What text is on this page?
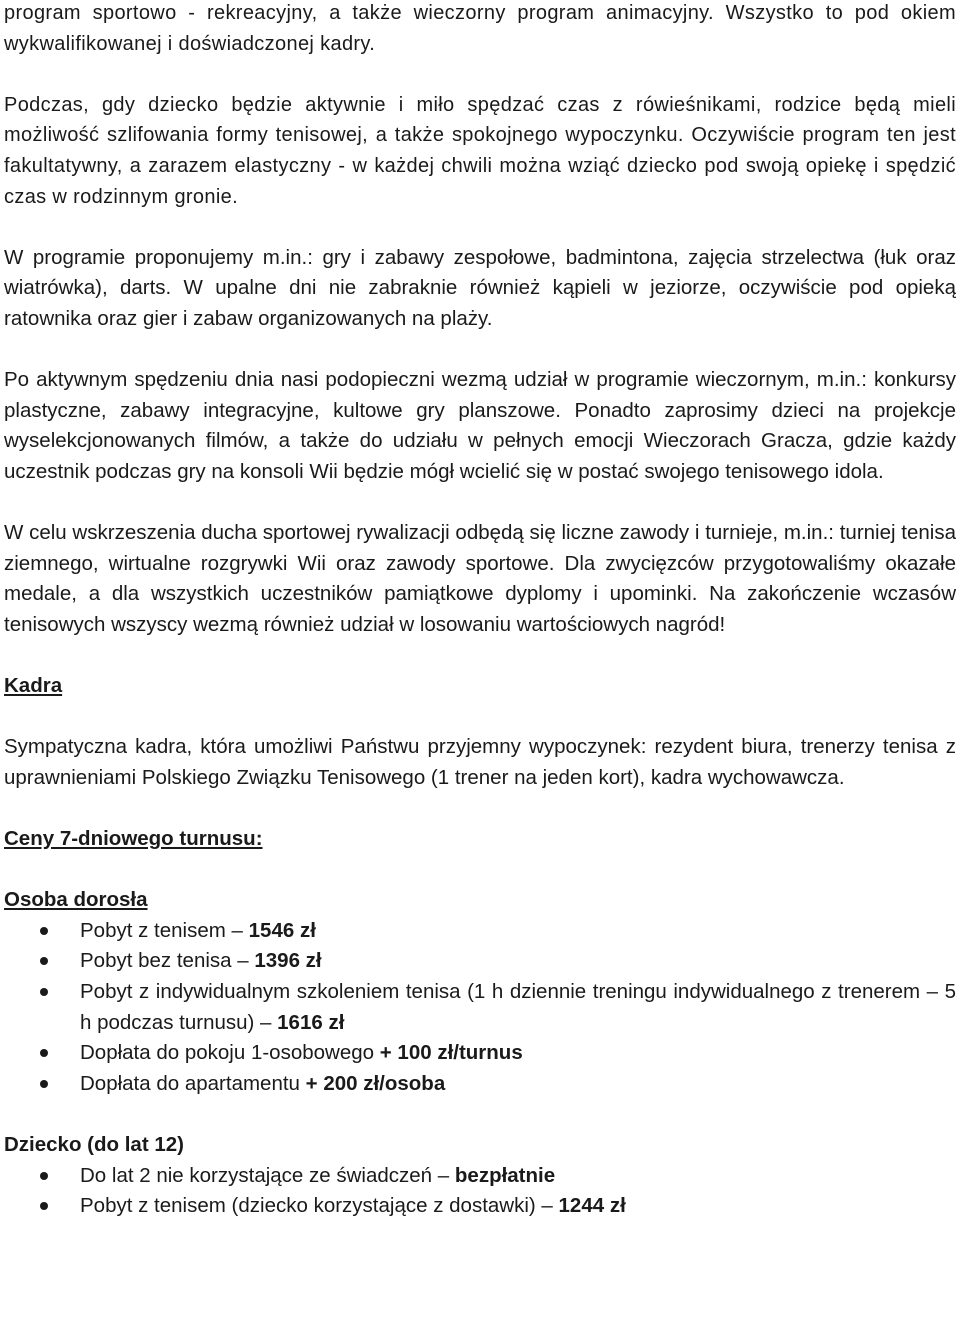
program sportowo - rekreacyjny, a także wieczorny program animacyjny. Wszystko to pod okiem wykwalifikowanej i doświadczonej kadry.

Podczas, gdy dziecko będzie aktywnie i miło spędzać czas z rówieśnikami, rodzice będą mieli możliwość szlifowania formy tenisowej, a także spokojnego wypoczynku. Oczywiście program ten jest fakultatywny, a zarazem elastyczny - w każdej chwili można wziąć dziecko pod swoją opiekę i spędzić czas w rodzinnym gronie.

W programie proponujemy m.in.: gry i zabawy zespołowe, badmintona, zajęcia strzelectwa (łuk oraz wiatrówka), darts. W upalne dni nie zabraknie również kąpieli w jeziorze, oczywiście pod opieką ratownika oraz gier i zabaw organizowanych na plaży.

Po aktywnym spędzeniu dnia nasi podopieczni wezmą udział w programie wieczornym, m.in.: konkursy plastyczne, zabawy integracyjne, kultowe gry planszowe. Ponadto zaprosimy dzieci na projekcje wyselekcjonowanych filmów, a także do udziału w pełnych emocji Wieczorach Gracza, gdzie każdy uczestnik podczas gry na konsoli Wii będzie mógł wcielić się w postać swojego tenisowego idola.

W celu wskrzeszenia ducha sportowej rywalizacji odbędą się liczne zawody i turnieje, m.in.: turniej tenisa ziemnego, wirtualne rozgrywki Wii oraz zawody sportowe. Dla zwycięzców przygotowaliśmy okazałe medale, a dla wszystkich uczestników pamiątkowe dyplomy i upominki. Na zakończenie wczasów tenisowych wszyscy wezmą również udział w losowaniu wartościowych nagród!

Kadra

Sympatyczna kadra, która umożliwi Państwu przyjemny wypoczynek: rezydent biura, trenerzy tenisa z uprawnieniami Polskiego Związku Tenisowego (1 trener na jeden kort), kadra wychowawcza.

Ceny 7-dniowego turnusu:

Osoba dorosła

Pobyt z tenisem – 1546 zł
Pobyt bez tenisa – 1396 zł
Pobyt z indywidualnym szkoleniem tenisa (1 h dziennie treningu indywidualnego z trenerem – 5 h podczas turnusu) – 1616 zł
Dopłata do pokoju 1-osobowego + 100 zł/turnus
Dopłata do apartamentu + 200 zł/osoba

Dziecko (do lat 12)

Do lat 2 nie korzystające ze świadczeń – bezpłatnie
Pobyt z tenisem (dziecko korzystające z dostawki) – 1244 zł
